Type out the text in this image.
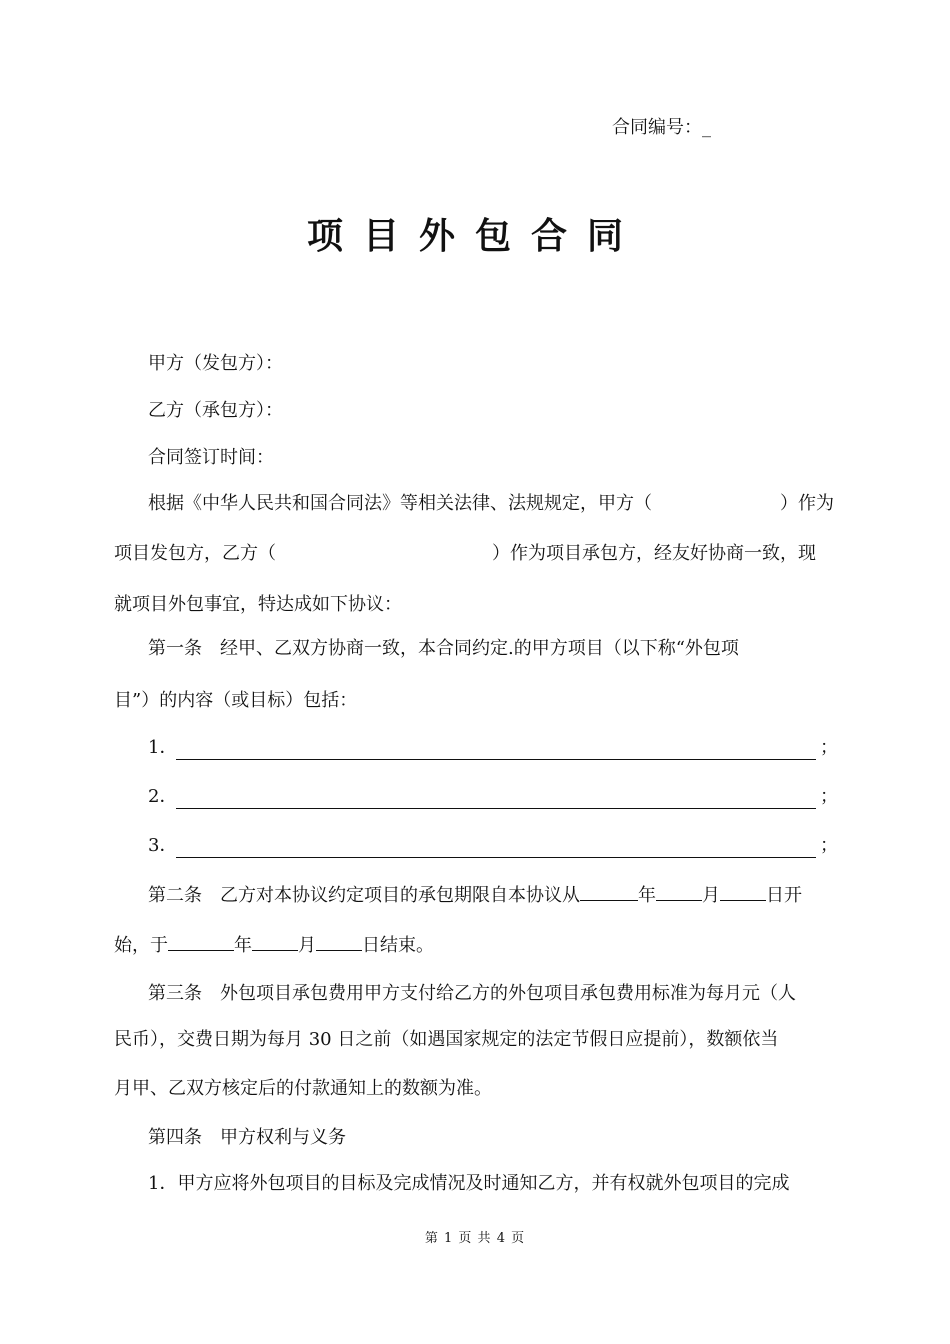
合同编号：_
项目外包合同
甲方（发包方）：
乙方（承包方）：
合同签订时间：
根据《中华人民共和国合同法》等相关法律、法规规定，甲方（	）作为
项目发包方，乙方（	）作为项目承包方，经友好协商一致，现
就项目外包事宜，特达成如下协议：
第一条　经甲、乙双方协商一致，本合同约定.的甲方项目（以下称“外包项
目”）的内容（或目标）包括：
1．	；
2．	；
3．	；
第二条　乙方对本协议约定项目的承包期限自本协议从	年	月	日开
始，于	年	月	日结束。
第三条　外包项目承包费用甲方支付给乙方的外包项目承包费用标准为每月元（人
民币），交费日期为每月 30 日之前（如遇国家规定的法定节假日应提前），数额依当
月甲、乙双方核定后的付款通知上的数额为准。
第四条　甲方权利与义务
1．甲方应将外包项目的目标及完成情况及时通知乙方，并有权就外包项目的完成
第 1 页 共 4 页
